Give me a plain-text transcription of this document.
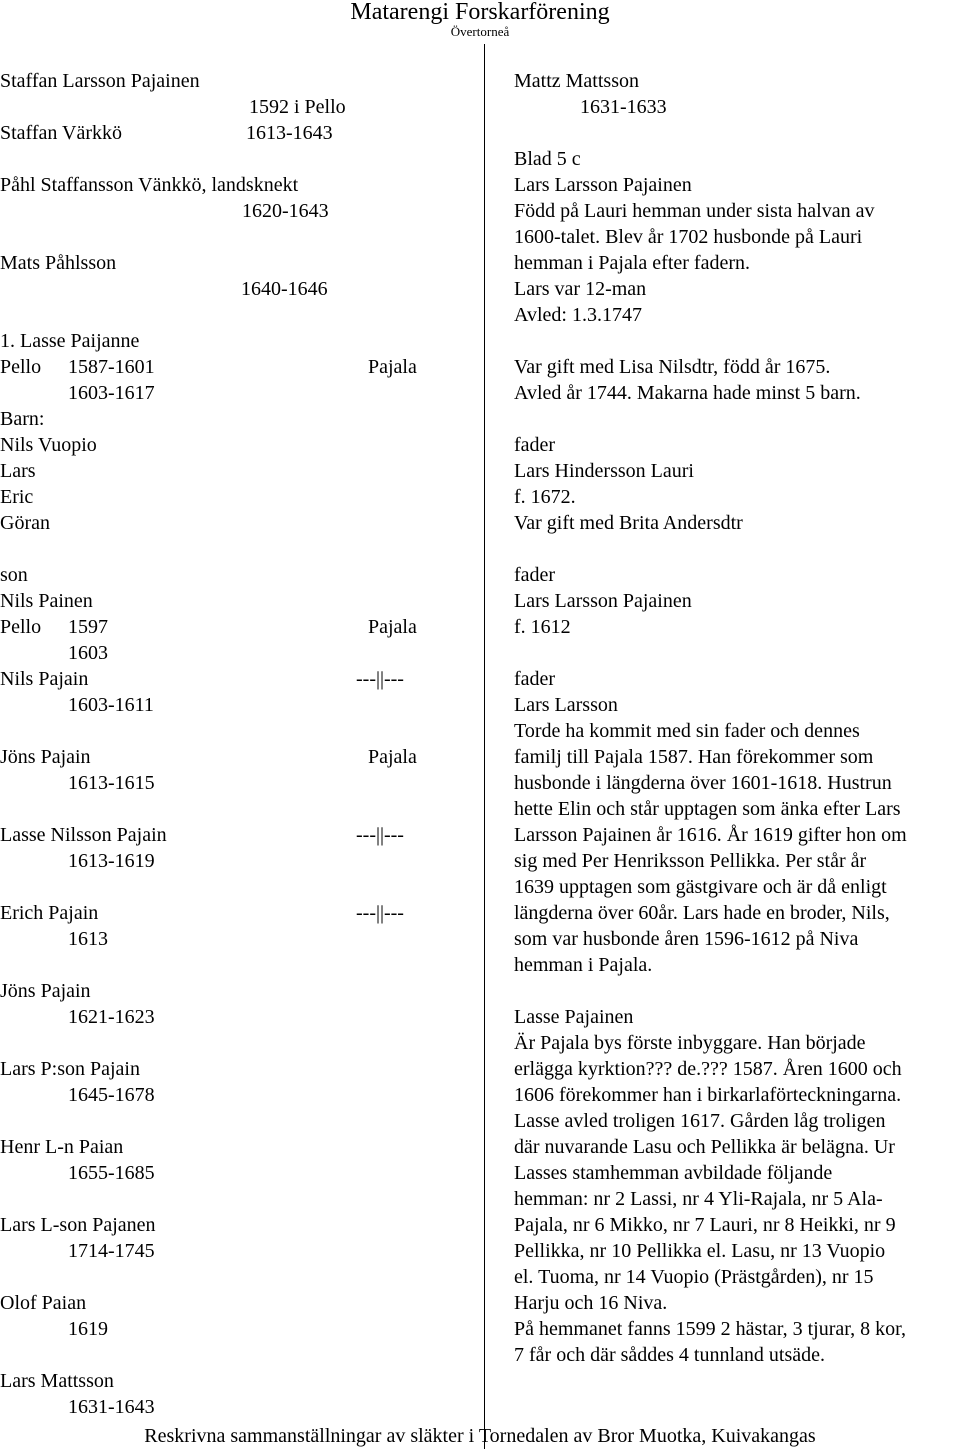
Matarengi Forskarförening
Övertorneå
Staffan Larsson Pajainen
1592 i Pello
Staffan Värkkö	1613-1643
Påhl Staffansson Vänkkö, landsknekt
1620-1643
Mats Påhlsson
1640-1646
1. Lasse Paijanne
Pello 1587-1601	Pajala
1603-1617
Barn:
Nils Vuopio
Lars
Eric
Göran
son
Nils Painen
Pello 1597	Pajala
1603
Nils Pajain	---||---
1603-1611
Jöns Pajain	Pajala
1613-1615
Lasse Nilsson Pajain	---||---
1613-1619
Erich Pajain	---||---
1613
Jöns Pajain
1621-1623
Lars P:son Pajain
1645-1678
Henr L-n Paian
1655-1685
Lars L-son Pajanen
1714-1745
Olof Paian
1619
Lars Mattsson
1631-1643
Mattz Mattsson
1631-1633
Blad 5 c
Lars Larsson Pajainen
Född på Lauri hemman under sista halvan av
1600-talet. Blev år 1702 husbonde på Lauri
hemman i Pajala efter fadern.
Lars var 12-man
Avled: 1.3.1747
Var gift med Lisa Nilsdtr, född år 1675.
Avled år 1744. Makarna hade minst 5 barn.
fader
Lars Hindersson Lauri
f. 1672.
Var gift med Brita Andersdtr
fader
Lars Larsson Pajainen
f. 1612
fader
Lars Larsson
Torde ha kommit med sin fader och dennes
familj till Pajala 1587. Han förekommer som
husbonde i längderna över 1601-1618. Hustrun
hette Elin och står upptagen som änka efter Lars
Larsson Pajainen år 1616. År 1619 gifter hon om
sig med Per Henriksson Pellikka. Per står år
1639 upptagen som gästgivare och är då enligt
längderna över 60år. Lars hade en broder, Nils,
som var husbonde åren 1596-1612 på Niva
hemman i Pajala.
Lasse Pajainen
Är Pajala bys förste inbyggare. Han började
erlägga kyrktion??? de.??? 1587. Åren 1600 och
1606 förekommer han i birkarlaförteckningarna.
Lasse avled troligen 1617. Gården låg troligen
där nuvarande Lasu och Pellikka är belägna. Ur
Lasses stamhemman avbildade följande
hemman: nr 2 Lassi, nr 4 Yli-Rajala, nr 5 Ala-
Pajala, nr 6 Mikko, nr 7 Lauri, nr 8 Heikki, nr 9
Pellikka, nr 10 Pellikka el. Lasu, nr 13 Vuopio
el. Tuoma, nr 14 Vuopio (Prästgården), nr 15
Harju och 16 Niva.
På hemmanet fanns 1599 2 hästar, 3 tjurar, 8 kor,
7 får och där såddes 4 tunnland utsäde.
Reskrivna sammanställningar av släkter i Tornedalen av Bror Muotka, Kuivakangas
